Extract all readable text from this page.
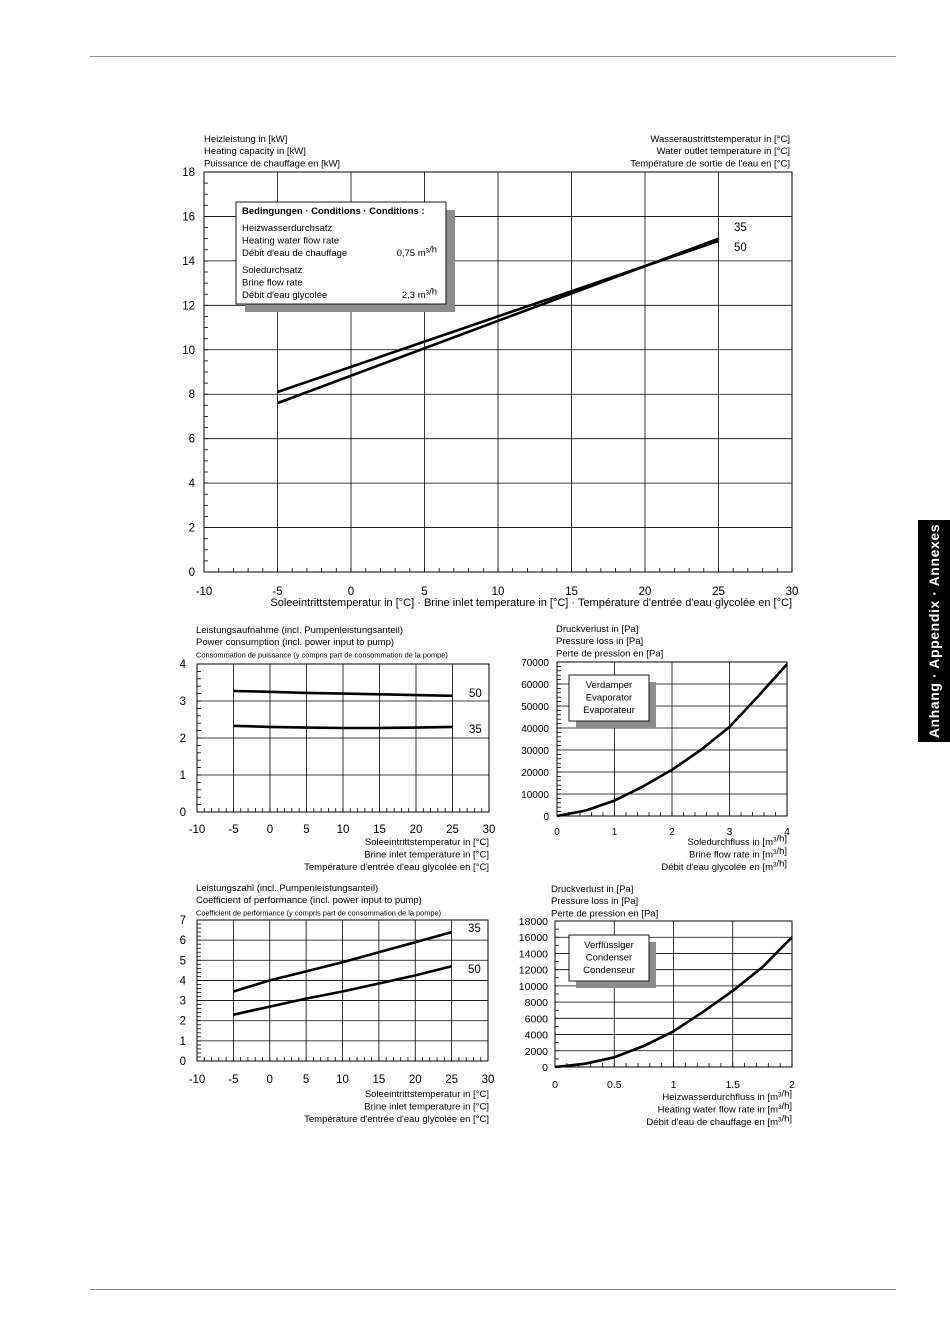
Anhang · Appendix · Annexes
-10	-5	0	5	10	15	20	25	30
0
2
4
6
8
10
12
14
16
18
Heizleistung in [kW]
Heating capacity in [kW]
Puissance de chauffage en [kW]
Wasseraustrittstemperatur in [°C]
Water outlet temperature in [°C]
Température de sortie de l'eau en [°C]
Soleeintrittstemperatur in [°C] · Brine inlet temperature in [°C] · Température d'entrée d'eau glycolée en [°C]
35
50
Bedingungen · Conditions · Conditions :
Heizwasserdurchsatz
Heating water flow rate
Débit d'eau de chauffage	0,75 $m^3/h$
Soledurchsatz
Brine flow rate
Débit d'eau glycolée	2,3 $m^3/h$
-10 -5 0	5 10 15 20 25 30
0
1
2
3
4
Leistungsaufnahme (incl. Pumpenleistungsanteil)
Power consumption (incl. power input to pump)
Consommation de puissance (y compris part de consommation de la pompe)
Soleeintrittstemperatur in [°C]
Brine inlet temperature in [°C]
Température d'entrée d'eau glycolée en [°C]
50
35
0	1	2	3	4
0
10000
20000
30000
40000
50000
60000
70000
Druckverlust in [Pa]
Pressure loss in [Pa]
Perte de pression en [Pa]
Soledurchfluss in $[m^3/h]$
Brine flow rate in $[m^3/h]$
Débit d'eau glycolée en $[m^3/h]$
Verdamper
Evaporator
Evaporateur
-10 -5 0	5 10 15 20 25 30
0
1
2
3
4
5
6
7
Leistungszahl (incl. Pumpenleistungsanteil)
Coefficient of performance (incl. power input to pump)
Coefficient de performance (y compris part de consommation de la pompe)
Soleeintrittstemperatur in [°C]
Brine inlet temperature in [°C]
Température d'entrée d'eau glycolée en [°C]
35
50
0	0.5	1	1.5	2
0
2000
4000
6000
8000
10000
12000
14000
16000
18000
Druckverlust in [Pa]
Pressure loss in [Pa]
Perte de pression en [Pa]
Heizwasserdurchfluss in $[m^3/h]$
Heating water flow rate in $[m^3/h]$
Débit d'eau de chauffage en $[m^3/h]$
Verflüssiger
Condenser
Condenseur
